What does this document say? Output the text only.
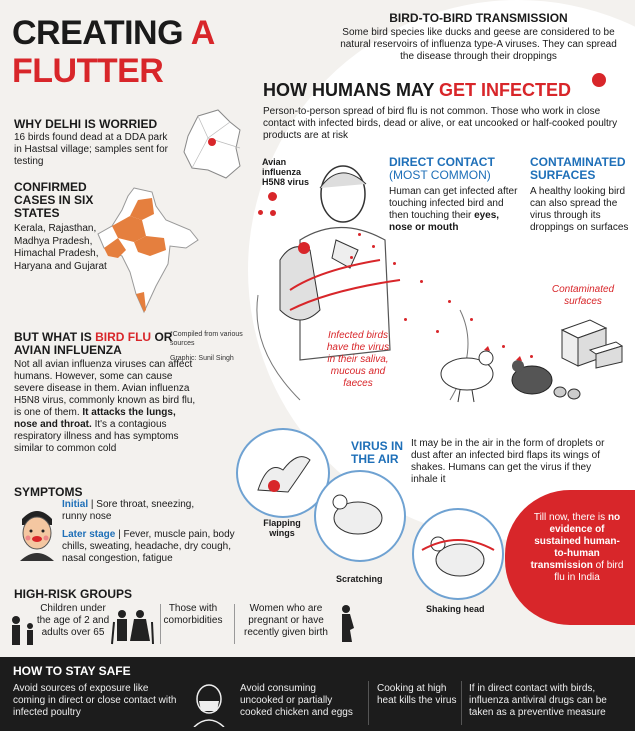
CREATING A
FLUTTER
WHY DELHI IS WORRIED
16 birds found dead at a DDA park in Hastsal village; samples sent for testing
CONFIRMED CASES IN SIX STATES
Kerala, Rajasthan, Madhya Pradesh, Himachal Pradesh, Haryana and Gujarat
*Compiled from various sources
Graphic: Sunil Singh
BUT WHAT IS BIRD FLU OR AVIAN INFLUENZA
Not all avian influenza viruses can affect humans. However, some can cause severe disease in them. Avian influenza H5N8 virus, commonly known as bird flu, is one of them. It attacks the lungs, nose and throat. It's a contagious respiratory illness and has symptoms similar to common cold
SYMPTOMS
Initial | Sore throat, sneezing, runny nose
Later stage | Fever, muscle pain, body chills, sweating, headache, dry cough, nasal congestion, fatigue
HIGH-RISK GROUPS
Children under the age of 2 and adults over 65
Those with comorbidities
Women who are pregnant or have recently given birth
BIRD-TO-BIRD TRANSMISSION
Some bird species like ducks and geese are considered to be natural reservoirs of influenza type-A viruses. They can spread the disease through their droppings
HOW HUMANS MAY GET INFECTED
Person-to-person spread of bird flu is not common. Those who work in close contact with infected birds, dead or alive, or eat uncooked or half-cooked poultry products are at risk
Avian influenza H5N8 virus
DIRECT CONTACT
(MOST COMMON)
Human can get infected after touching infected bird and then touching their eyes, nose or mouth
CONTAMINATED SURFACES
A healthy looking bird can also spread the virus through its droppings on surfaces
Contaminated surfaces
Infected birds have the virus in their saliva, mucous and faeces
VIRUS IN THE AIR
It may be in the air in the form of droplets or dust after an infected bird flaps its wings of shakes. Humans can get the virus if they inhale it
Flapping wings
Scratching
Shaking head
Till now, there is no evidence of sustained human-to-human transmission of bird flu in India
HOW TO STAY SAFE
Avoid sources of exposure like coming in direct or close contact with infected poultry
Avoid consuming uncooked or partially cooked chicken and eggs
Cooking at high heat kills the virus
If in direct contact with birds, influenza antiviral drugs can be taken as a preventive measure
